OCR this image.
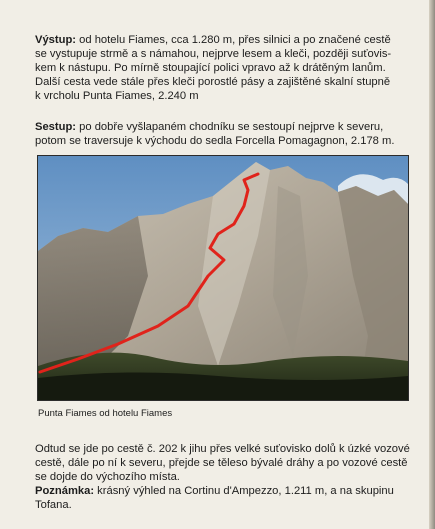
Výstup: od hotelu Fiames, cca 1.280 m, přes silnici a po značené cestě
se vystupuje strmě a s námahou, nejprve lesem a kleči, později suťovis-
kem k nástupu. Po mírně stoupající polici vpravo až k drátěným lanům.
Další cesta vede stále přes kleči porostlé pásy a zajištěné skalní stupně
k vrcholu Punta Fiames, 2.240 m

Sestup: po dobře vyšlapaném chodníku se sestoupí nejprve k severu,
potom se traversuje k východu do sedla Forcella Pomagagnon, 2.178 m.

Punta Fiames od hotelu Fiames

Odtud se jde po cestě č. 202 k jihu přes velké suťovisko dolů k úzké vozové
cestě, dále po ní k severu, přejde se těleso bývalé dráhy a po vozové cestě
se dojde do výchozího místa.
Poznámka: krásný výhled na Cortinu d'Ampezzo, 1.211 m, a na skupinu
Tofana.
